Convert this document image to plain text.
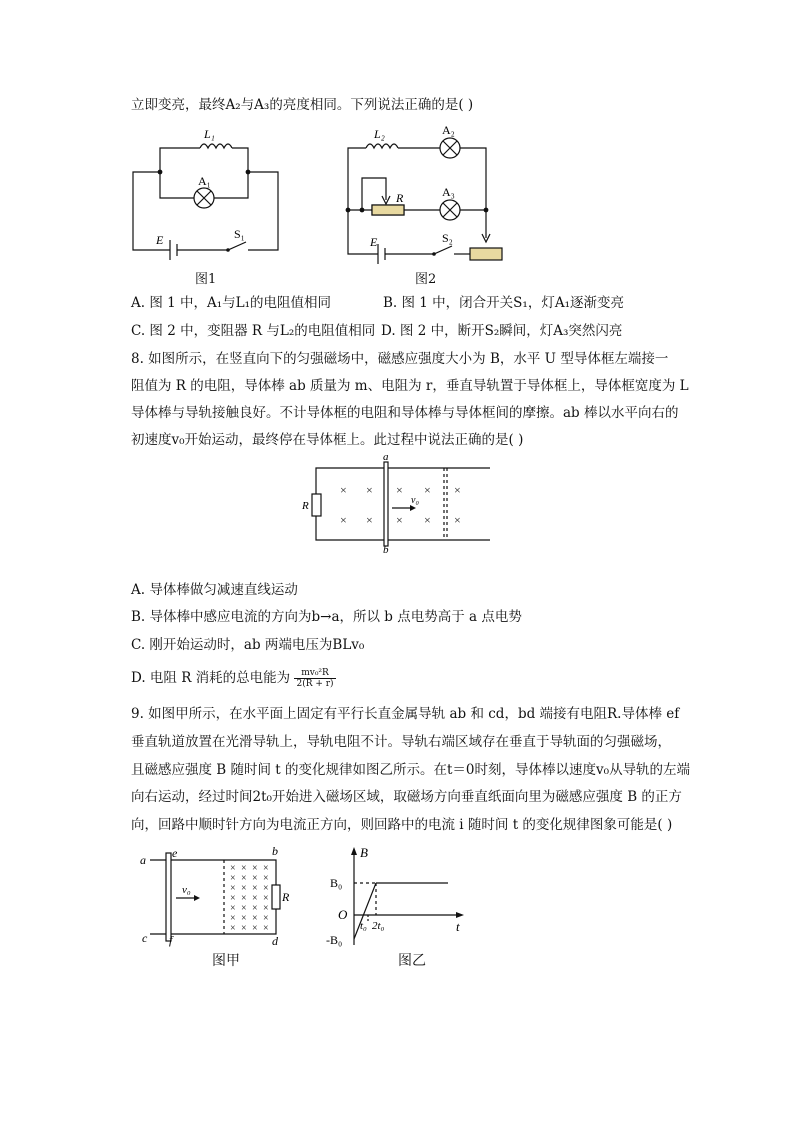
立即变亮，最终A₂与A₃的亮度相同。下列说法正确的是( )
L₁
A₁
E	S₁
图1
L₂	A₂
A₃
R
E	S₂
图2
A. 图 1 中，A₁与L₁的电阻值相同	B. 图 1 中，闭合开关S₁，灯A₁逐渐变亮
C. 图 2 中，变阻器 R 与L₂的电阻值相同 D. 图 2 中，断开S₂瞬间，灯A₃突然闪亮
8. 如图所示，在竖直向下的匀强磁场中，磁感应强度大小为 B，水平 U 型导体框左端接一
阻值为 R 的电阻，导体棒 ab 质量为 m、电阻为 r，垂直导轨置于导体框上，导体框宽度为 L
导体棒与导轨接触良好。不计导体框的电阻和导体棒与导体框间的摩擦。ab 棒以水平向右的
初速度v₀开始运动，最终停在导体框上。此过程中说法正确的是( )
× × × × ×
× × × × ×
a
b
R	v₀
A. 导体棒做匀减速直线运动
B. 导体棒中感应电流的方向为b→a，所以 b 点电势高于 a 点电势
C. 刚开始运动时，ab 两端电压为BLv₀
D. 电阻 R 消耗的总电能为 $\frac{\text{mv₀²R}}{2(R + r)}$
9. 如图甲所示，在水平面上固定有平行长直金属导轨 ab 和 cd，bd 端接有电阻R.导体棒 ef
垂直轨道放置在光滑导轨上，导轨电阻不计。导轨右端区域存在垂直于导轨面的匀强磁场，
且磁感应强度 B 随时间 t 的变化规律如图乙所示。在t＝0时刻，导体棒以速度v₀从导轨的左端
向右运动，经过时间2t₀开始进入磁场区域，取磁场方向垂直纸面向里为磁感应强度 B 的正方
向，回路中顺时针方向为电流正方向，则回路中的电流 i 随时间 t 的变化规律图象可能是( )
× × × ×
× × × ×
× × × ×
× × × ×
× × × ×
× × × ×
× × × ×
a e	b
c f	d
R
v₀
图甲
B
t
O
B₀
-B₀
t₀ 2t₀
图乙
